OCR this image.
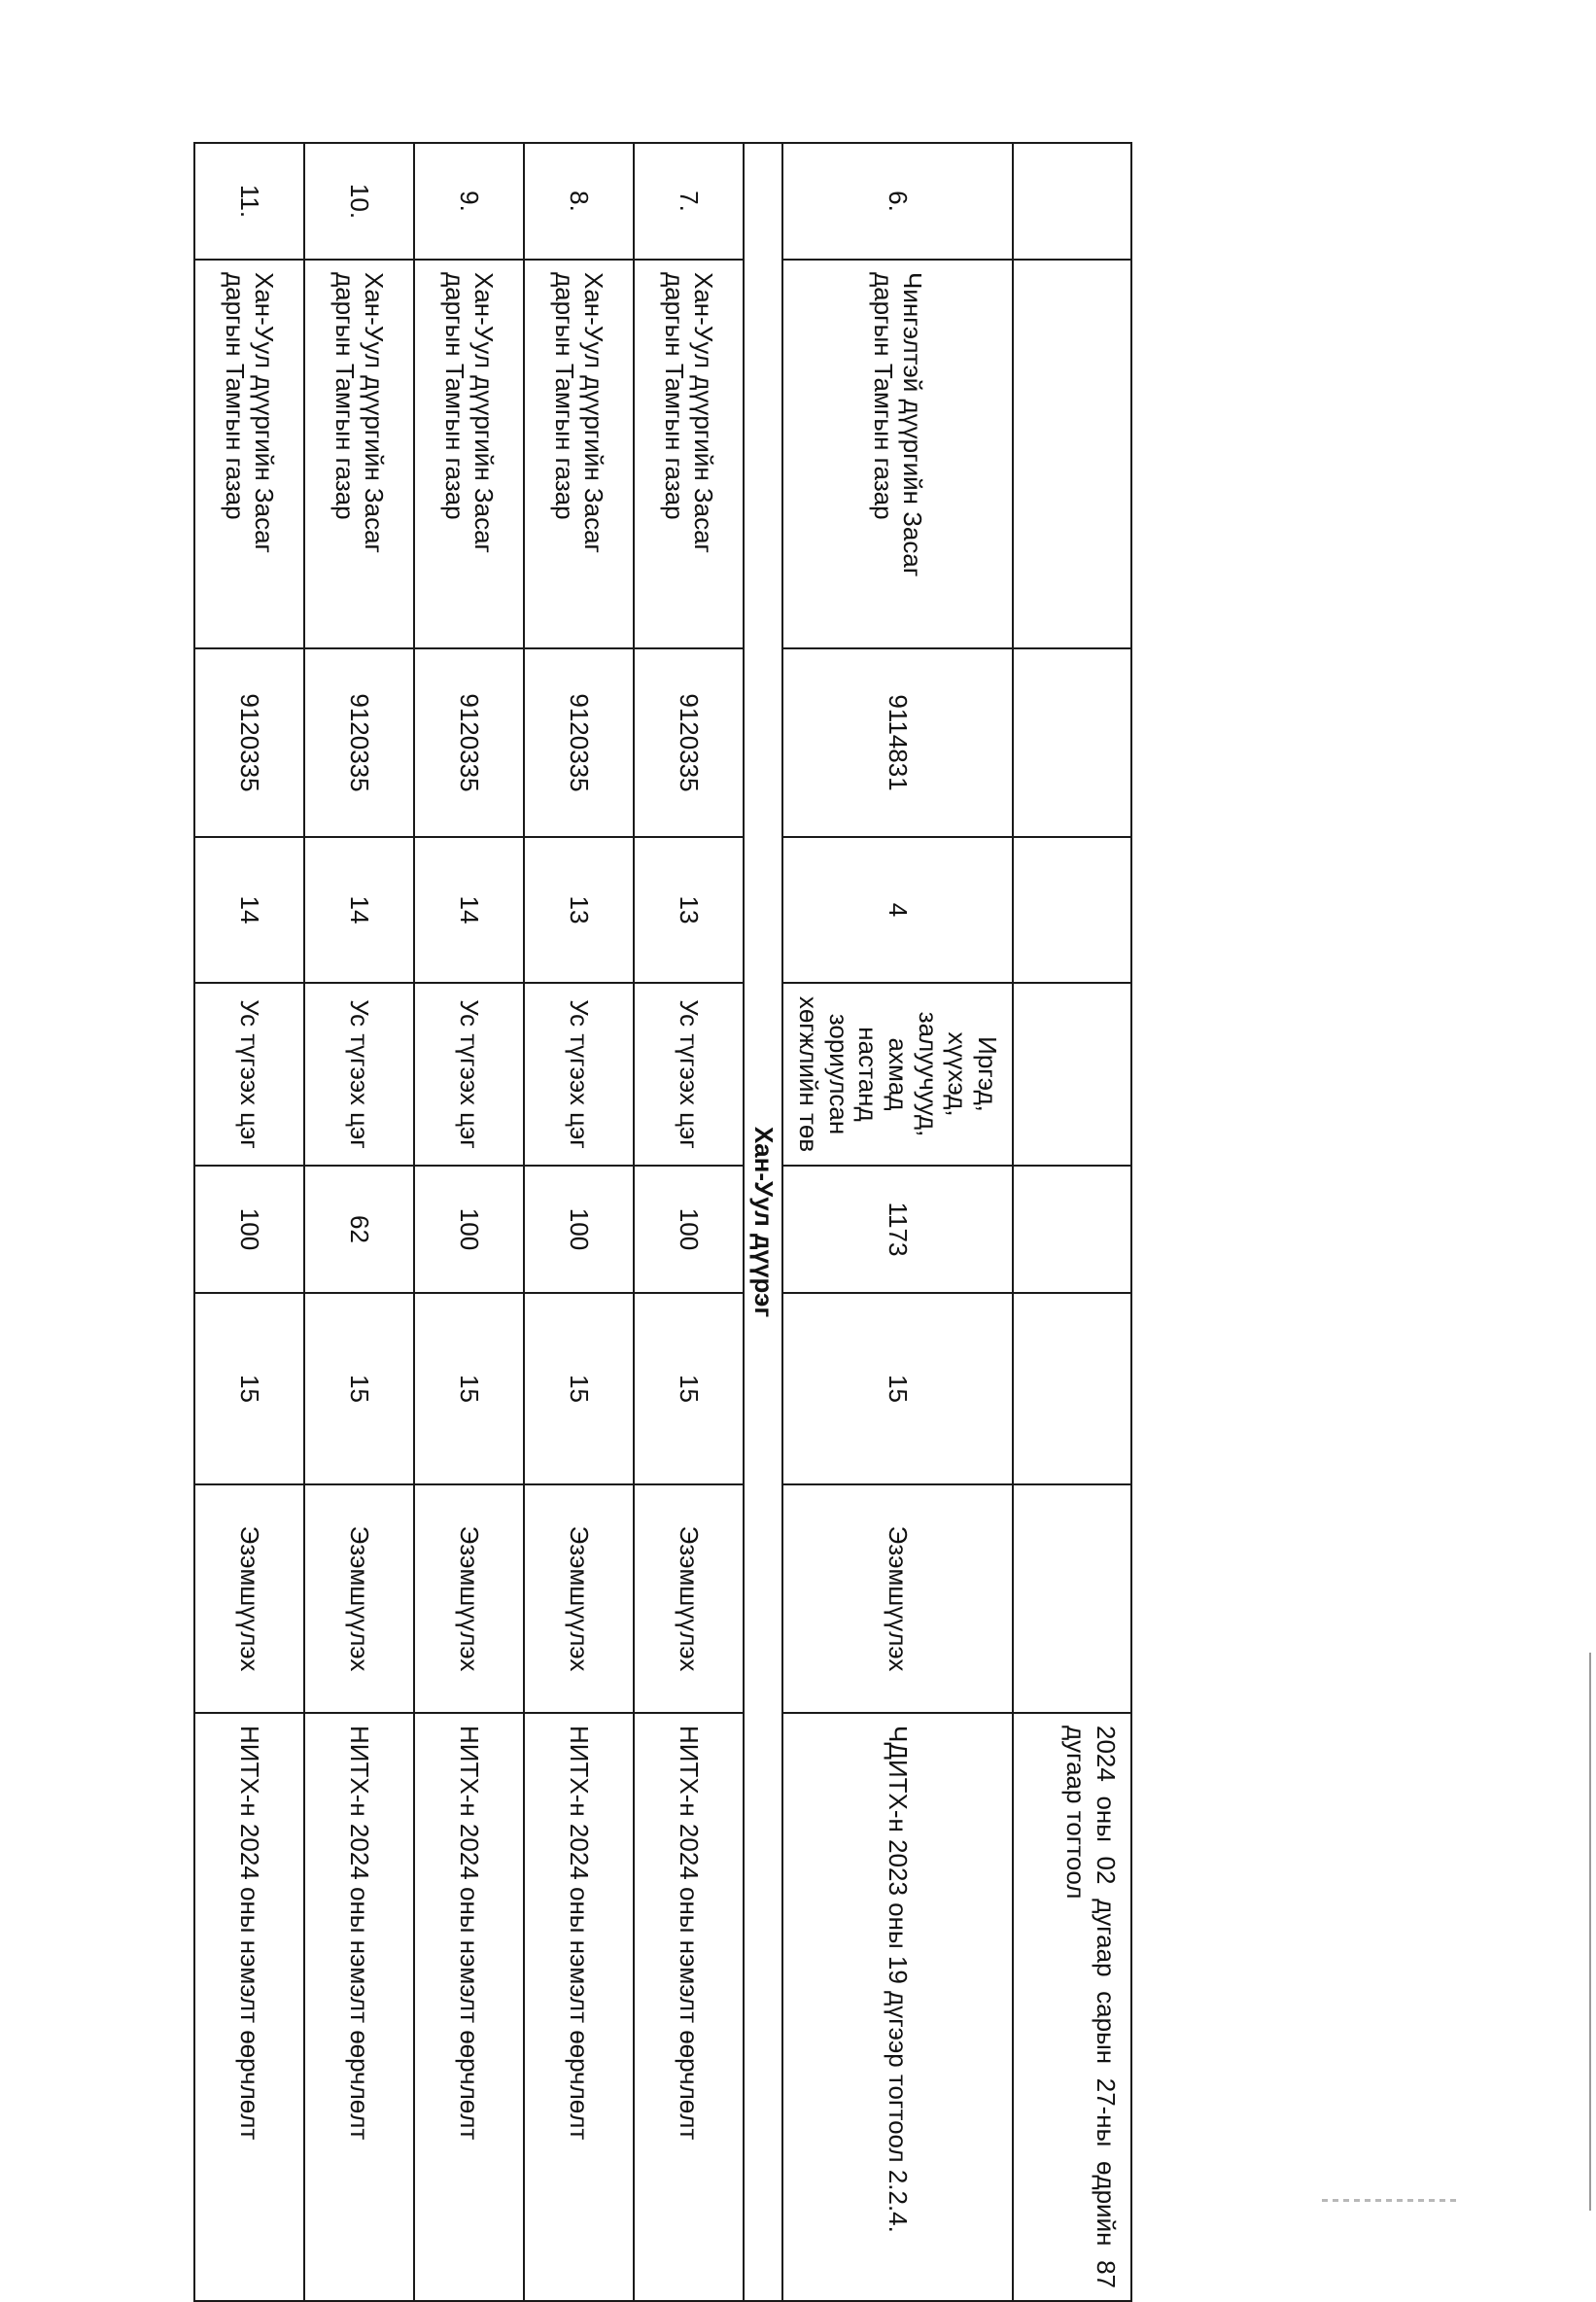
								2024 оны 02 дугаар сарын 27-ны өдрийн 87 дугаар тогтоол
6.	Чингэлтэй дүүргийн Засаг даргын Тамгын газар	9114831	4	Иргэд, хүүхэд, залуучууд, ахмад настанд зориулсан хөгжлийн төв	1173	15	Эзэмшүүлэх	ЧДИТХ-н 2023 оны 19 дүгээр тогтоол 2.2.4.
Хан-Уул дүүрэг								
7.	Хан-Уул дүүргийн Засаг даргын Тамгын газар	9120335	13	Ус түгээх цэг	100	15	Эзэмшүүлэх	НИТХ-н 2024 оны нэмэлт өөрчлөлт
8.	Хан-Уул дүүргийн Засаг даргын Тамгын газар	9120335	13	Ус түгээх цэг	100	15	Эзэмшүүлэх	НИТХ-н 2024 оны нэмэлт өөрчлөлт
9.	Хан-Уул дүүргийн Засаг даргын Тамгын газар	9120335	14	Ус түгээх цэг	100	15	Эзэмшүүлэх	НИТХ-н 2024 оны нэмэлт өөрчлөлт
10.	Хан-Уул дүүргийн Засаг даргын Тамгын газар	9120335	14	Ус түгээх цэг	62	15	Эзэмшүүлэх	НИТХ-н 2024 оны нэмэлт өөрчлөлт
11.	Хан-Уул дүүргийн Засаг даргын Тамгын газар	9120335	14	Ус түгээх цэг	100	15	Эзэмшүүлэх	НИТХ-н 2024 оны нэмэлт өөрчлөлт
